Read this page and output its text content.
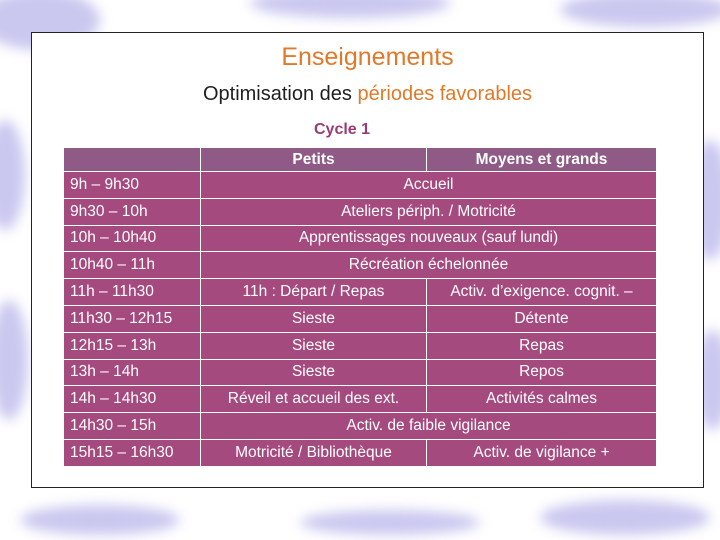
Enseignements
Optimisation des périodes favorables
Cycle 1
	Petits	Moyens et grands
9h – 9h30	Accueil	
9h30 – 10h	Ateliers périph. / Motricité	
10h – 10h40	Apprentissages nouveaux (sauf lundi)	
10h40 – 11h	Récréation échelonnée	
11h – 11h30	11h : Départ / Repas	Activ. d’exigence. cognit. –
11h30 – 12h15	Sieste	Détente
12h15 – 13h	Sieste	Repas
13h – 14h	Sieste	Repos
14h – 14h30	Réveil et accueil des ext.	Activités calmes
14h30 – 15h	Activ. de faible vigilance	
15h15 – 16h30	Motricité / Bibliothèque	Activ. de vigilance +
